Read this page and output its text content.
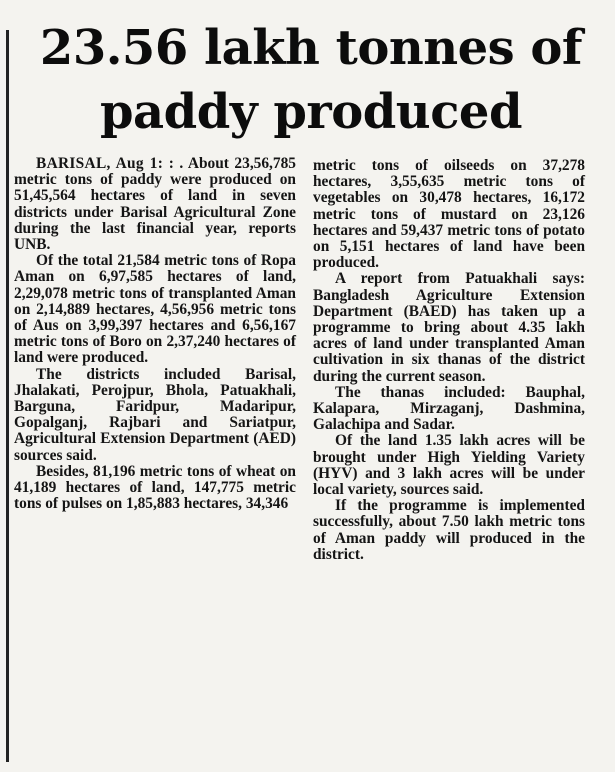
23.56 lakh tonnes of
paddy produced

BARISAL, Aug 1: : . About 23,56,785 metric tons of paddy were produced on 51,45,564 hectares of land in seven districts under Barisal Agricultural Zone during the last financial year, reports UNB.

Of the total 21,584 metric tons of Ropa Aman on 6,97,585 hectares of land, 2,29,078 metric tons of transplanted Aman on 2,14,889 hectares, 4,56,956 metric tons of Aus on 3,99,397 hectares and 6,56,167 metric tons of Boro on 2,37,240 hectares of land were produced.

The districts included Barisal, Jhalakati, Perojpur, Bhola, Patuakhali, Barguna, Faridpur, Madaripur, Gopalganj, Rajbari and Sariatpur, Agricultural Extension Department (AED) sources said.

Besides, 81,196 metric tons of wheat on 41,189 hectares of land, 147,775 metric tons of pulses on 1,85,883 hectares, 34,346

metric tons of oilseeds on 37,278 hectares, 3,55,635 metric tons of vegetables on 30,478 hectares, 16,172 metric tons of mustard on 23,126 hectares and 59,437 metric tons of potato on 5,151 hectares of land have been produced.

A report from Patuakhali says: Bangladesh Agriculture Extension Department (BAED) has taken up a programme to bring about 4.35 lakh acres of land under transplanted Aman cultivation in six thanas of the district during the current season.

The thanas included: Bauphal, Kalapara, Mirzaganj, Dashmina, Galachipa and Sadar.

Of the land 1.35 lakh acres will be brought under High Yielding Variety (HYV) and 3 lakh acres will be under local variety, sources said.

If the programme is implemented successfully, about 7.50 lakh metric tons of Aman paddy will produced in the district.
